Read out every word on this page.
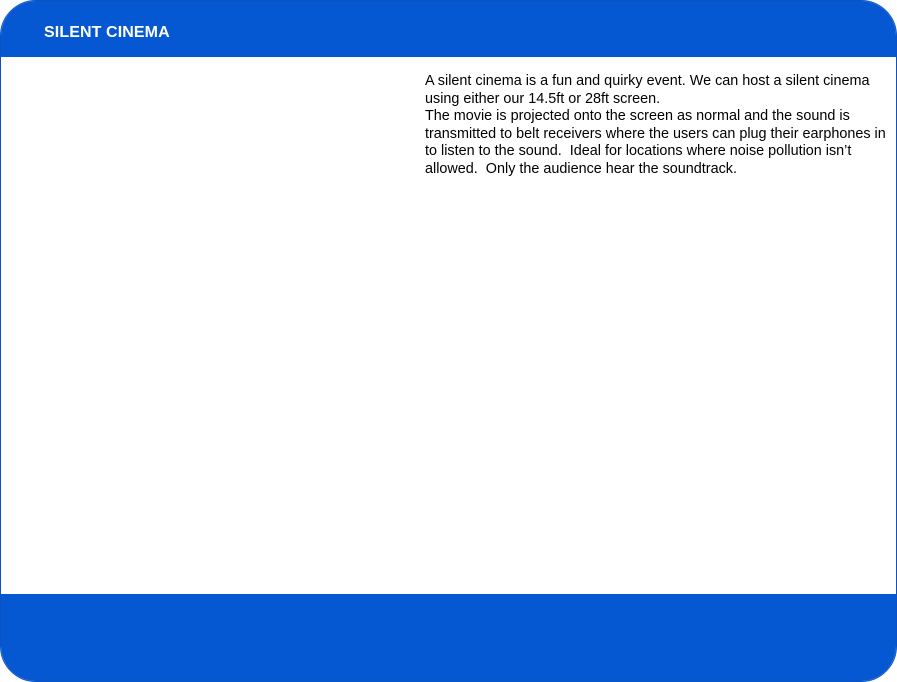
SILENT CINEMA

A silent cinema is a fun and quirky event. We can host a silent cinema using either our 14.5ft or 28ft screen.

The movie is projected onto the screen as normal and the sound is transmitted to belt receivers where the users can plug their earphones in to listen to the sound.  Ideal for locations where noise pollution isn’t allowed.  Only the audience hear the soundtrack.
